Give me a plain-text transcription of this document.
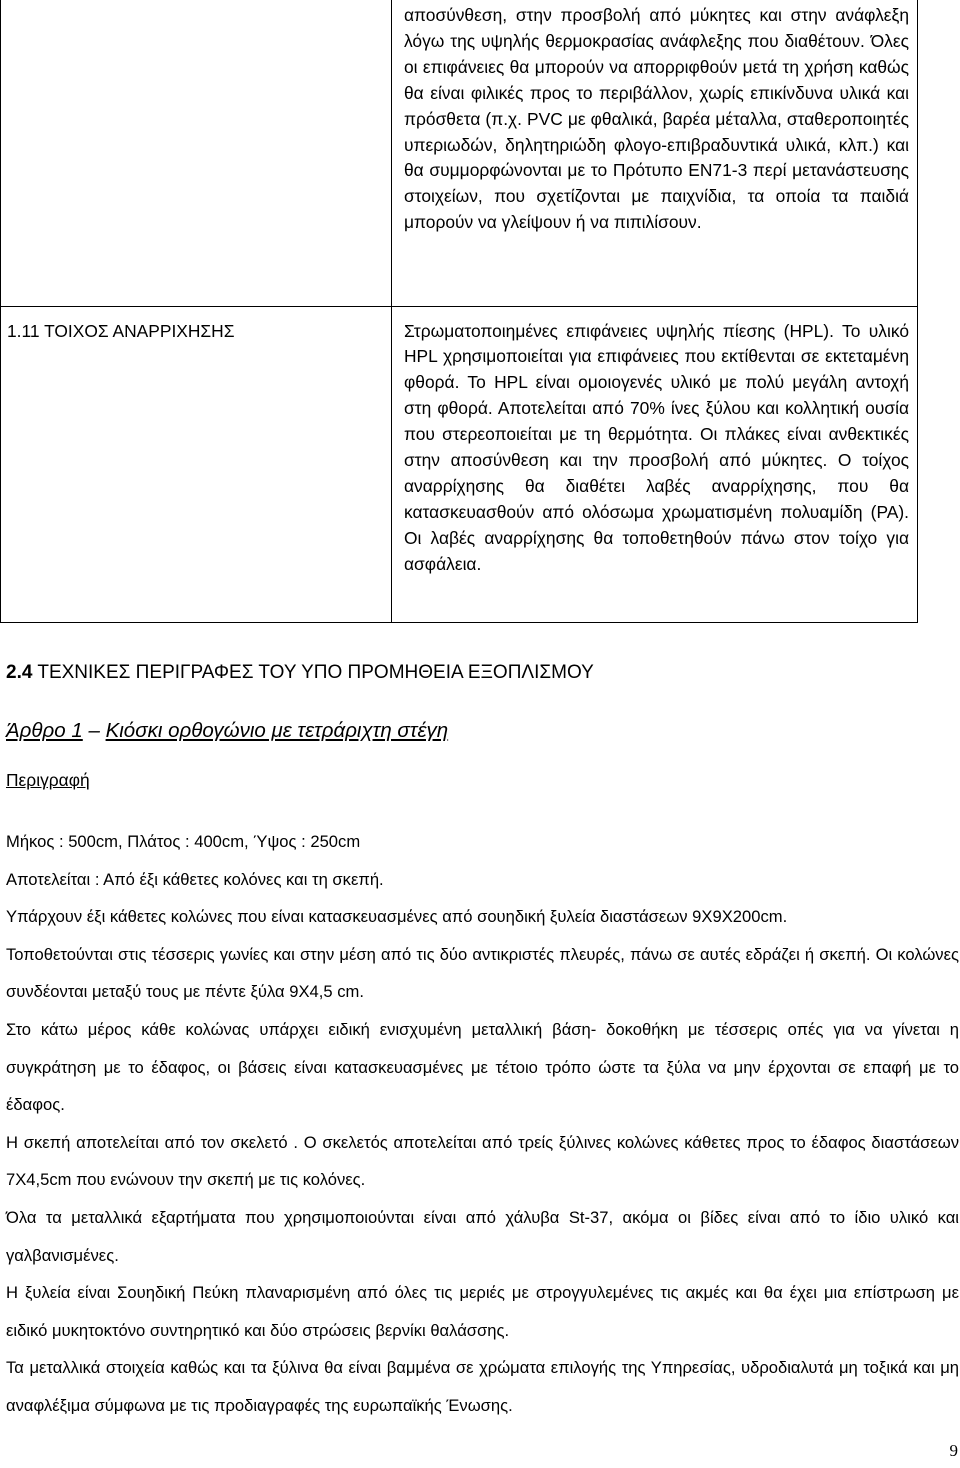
	αποσύνθεση, στην προσβολή από μύκητες και στην ανάφλεξη λόγω της υψηλής θερμοκρασίας ανάφλεξης που διαθέτουν. Όλες οι επιφάνειες θα μπορούν να απορριφθούν μετά τη χρήση καθώς θα είναι φιλικές προς το περιβάλλον, χωρίς επικίνδυνα υλικά και πρόσθετα (π.χ. PVC με φθαλικά, βαρέα μέταλλα, σταθεροποιητές υπεριωδών, δηλητηριώδη φλογο-επιβραδυντικά υλικά, κλπ.) και θα συμμορφώνονται με το Πρότυπο EN71-3 περί μετανάστευσης στοιχείων, που σχετίζονται με παιχνίδια, τα οποία τα παιδιά μπορούν να γλείψουν ή να πιπιλίσουν.

1.11 ΤΟΙΧΟΣ ΑΝΑΡΡΙΧΗΣΗΣ	Στρωματοποιημένες επιφάνειες υψηλής πίεσης (HPL). Το υλικό HPL χρησιμοποιείται για επιφάνειες που εκτίθενται σε εκτεταμένη φθορά. Το HPL είναι ομοιογενές υλικό με πολύ μεγάλη αντοχή στη φθορά. Αποτελείται από 70% ίνες ξύλου και κολλητική ουσία που στερεοποιείται με τη θερμότητα. Οι πλάκες είναι ανθεκτικές στην αποσύνθεση και την προσβολή από μύκητες. Ο τοίχος αναρρίχησης θα διαθέτει λαβές αναρρίχησης, που θα κατασκευασθούν από ολόσωμα χρωματισμένη πολυαμίδη (PA). Οι λαβές αναρρίχησης θα τοποθετηθούν πάνω στον τοίχο για ασφάλεια.
2.4 ΤΕΧΝΙΚΕΣ ΠΕΡΙΓΡΑΦΕΣ ΤΟΥ ΥΠΟ ΠΡΟΜΗΘΕΙΑ ΕΞΟΠΛΙΣΜΟΥ
Άρθρο 1 – Κιόσκι ορθογώνιο με τετράριχτη στέγη
Περιγραφή

Μήκος : 500cm, Πλάτος : 400cm, Ύψος : 250cm

Αποτελείται : Από έξι κάθετες κολόνες και τη σκεπή.

Υπάρχουν έξι κάθετες κολώνες που είναι κατασκευασμένες από σουηδική ξυλεία διαστάσεων 9Χ9Χ200cm.

Τοποθετούνται στις τέσσερις γωνίες και στην μέση από τις δύο αντικριστές πλευρές, πάνω σε αυτές εδράζει ή σκεπή. Οι κολώνες συνδέονται μεταξύ τους με πέντε ξύλα 9Χ4,5 cm.

Στο κάτω μέρος κάθε κολώνας υπάρχει ειδική ενισχυμένη μεταλλική βάση- δοκοθήκη με τέσσερις οπές για να γίνεται η συγκράτηση με το έδαφος, οι βάσεις είναι κατασκευασμένες με τέτοιο τρόπο ώστε τα ξύλα να μην έρχονται σε επαφή με το έδαφος.

Η σκεπή αποτελείται από τον σκελετό . Ο σκελετός αποτελείται από τρείς ξύλινες κολώνες κάθετες προς το έδαφος διαστάσεων 7Χ4,5cm που ενώνουν την σκεπή με τις κολόνες.

Όλα τα μεταλλικά εξαρτήματα που χρησιμοποιούνται είναι από χάλυβα St-37, ακόμα οι βίδες είναι από το ίδιο υλικό και γαλβανισμένες.

Η ξυλεία είναι Σουηδική Πεύκη πλαναρισμένη από όλες τις μεριές με στρογγυλεμένες τις ακμές και θα έχει μια επίστρωση με ειδικό μυκητοκτόνο συντηρητικό και δύο στρώσεις βερνίκι θαλάσσης.

Τα μεταλλικά στοιχεία καθώς και τα ξύλινα θα είναι βαμμένα σε χρώματα επιλογής της Υπηρεσίας, υδροδιαλυτά μη τοξικά και μη αναφλέξιμα σύμφωνα με τις προδιαγραφές της ευρωπαϊκής Ένωσης.

9
